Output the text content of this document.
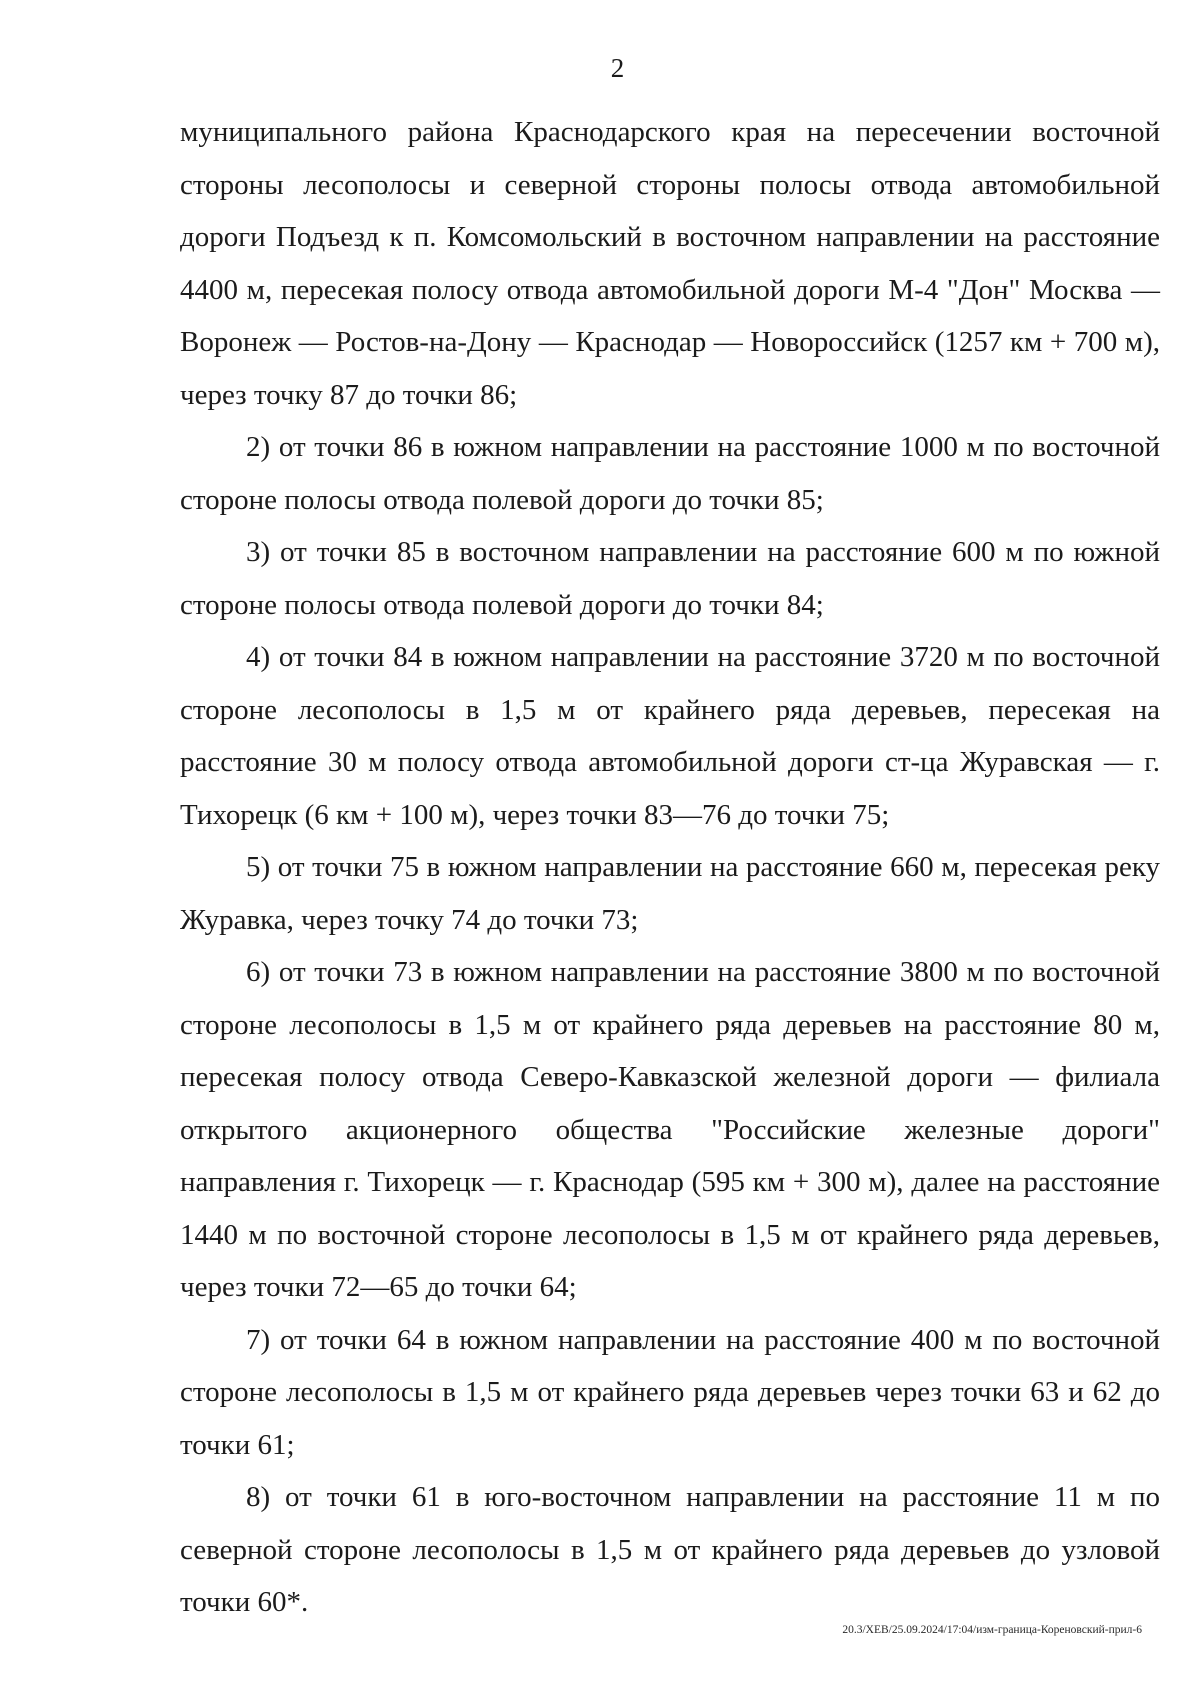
2

муниципального района Краснодарского края на пересечении восточной стороны лесополосы и северной стороны полосы отвода автомобильной дороги Подъезд к п. Комсомольский в восточном направлении на расстояние 4400 м, пересекая полосу отвода автомобильной дороги М-4 "Дон" Москва — Воронеж — Ростов-на-Дону — Краснодар — Новороссийск (1257 км + 700 м), через точку 87 до точки 86;

2) от точки 86 в южном направлении на расстояние 1000 м по восточной стороне полосы отвода полевой дороги до точки 85;

3) от точки 85 в восточном направлении на расстояние 600 м по южной стороне полосы отвода полевой дороги до точки 84;

4) от точки 84 в южном направлении на расстояние 3720 м по восточной стороне лесополосы в 1,5 м от крайнего ряда деревьев, пересекая на расстояние 30 м полосу отвода автомобильной дороги ст-ца Журавская — г. Тихорецк (6 км + 100 м), через точки 83—76 до точки 75;

5) от точки 75 в южном направлении на расстояние 660 м, пересекая реку Журавка, через точку 74 до точки 73;

6) от точки 73 в южном направлении на расстояние 3800 м по восточной стороне лесополосы в 1,5 м от крайнего ряда деревьев на расстояние 80 м, пересекая полосу отвода Северо-Кавказской железной дороги — филиала открытого акционерного общества "Российские железные дороги" направления г. Тихорецк — г. Краснодар (595 км + 300 м), далее на расстояние 1440 м по восточной стороне лесополосы в 1,5 м от крайнего ряда деревьев, через точки 72—65 до точки 64;

7) от точки 64 в южном направлении на расстояние 400 м по восточной стороне лесополосы в 1,5 м от крайнего ряда деревьев через точки 63 и 62 до точки 61;

8) от точки 61 в юго-восточном направлении на расстояние 11 м по северной стороне лесополосы в 1,5 м от крайнего ряда деревьев до узловой точки 60*.

20.3/ХЕВ/25.09.2024/17:04/изм-граница-Кореновский-прил-6
